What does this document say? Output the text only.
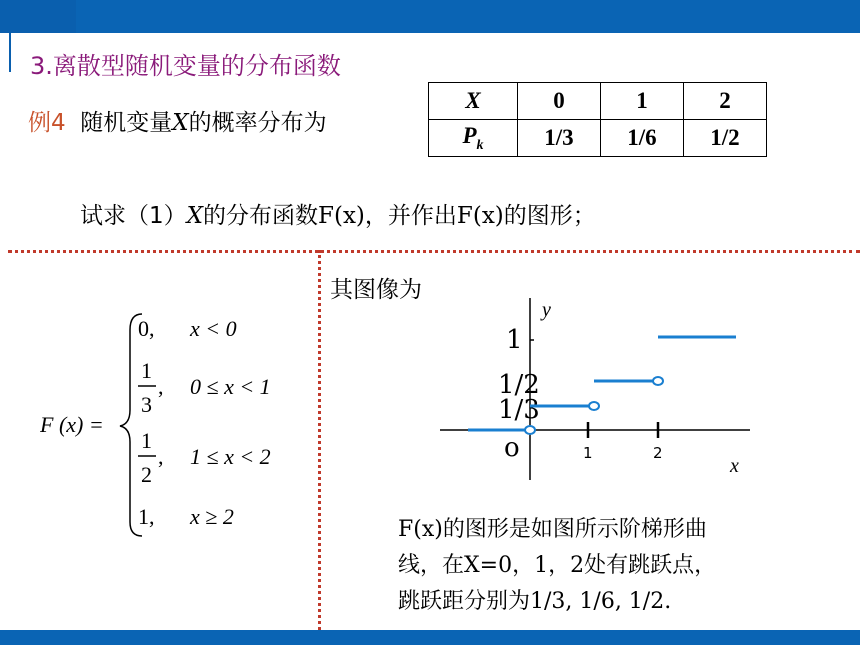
3.离散型随机变量的分布函数
例4 随机变量X的概率分布为
X	0	1	2
$P_k$	1/3	1/6	1/2
试求（1）X的分布函数F(x)，并作出F(x)的图形；
其图像为
F (x) =
0, x < 0
1
3
, 0 ≤ x < 1
1
2
, 1 ≤ x < 2
1, x ≥ 2
x
y
o	1	2
1
1/2
1/3
F(x)的图形是如图所示阶梯形曲
线，在X=0，1，2处有跳跃点，
跳跃距分别为1/3, 1/6, 1/2.
